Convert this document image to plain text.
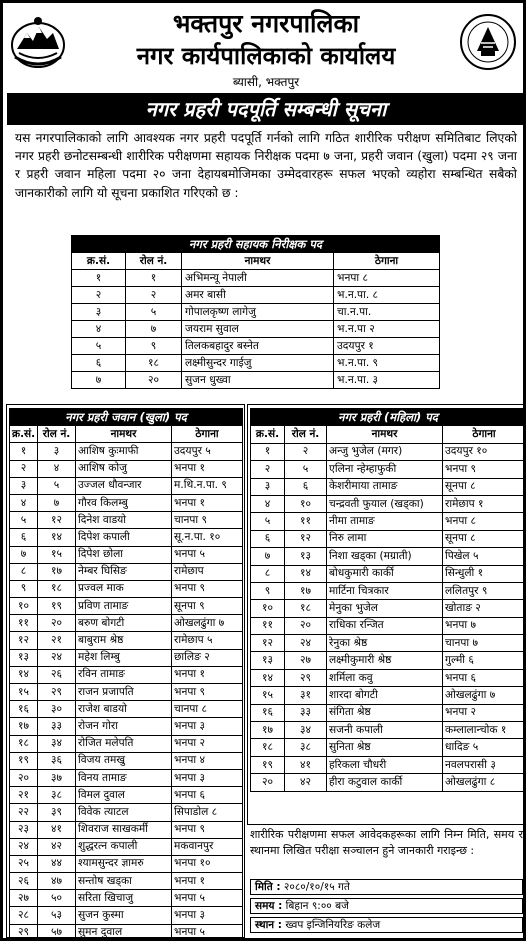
भक्तपुर नगरपालिका
नगर कार्यपालिकाको कार्यालय
ब्यासी, भक्तपुर
नगर प्रहरी पदपूर्ति सम्बन्धी सूचना

यस नगरपालिकाको लागि आवश्यक नगर प्रहरी पदपूर्ति गर्नको लागि गठित शारीरिक परीक्षण समितिबाट लिएको नगर प्रहरी छनोटसम्बन्धी शारीरिक परीक्षणमा सहायक निरीक्षक पदमा ७ जना, प्रहरी जवान (खुला) पदमा २९ जना र प्रहरी जवान महिला पदमा २० जना देहायबमोजिमका उम्मेदवारहरू सफल भएको व्यहोरा सम्बन्धित सबैको जानकारीको लागि यो सूचना प्रकाशित गरिएको छ :

नगर प्रहरी सहायक निरीक्षक पद			
क्र.सं.	रोल नं.	नामथर	ठेगाना
१	१	अभिमन्यू नेपाली	भनपा ८
२	२	अमर बासी	भ.न.पा. ८
३	५	गोपालकृष्ण लागेजु	चा.न.पा.
४	७	जयराम सुवाल	भ.न.पा २
५	९	तिलकबहादुर बस्नेत	उदयपुर १
६	१८	लक्ष्मीसुन्दर गाईजु	भ.न.पा. ९
७	२०	सुजन धुख्वा	भ.न.पा. ३
नगर प्रहरी जवान (खुला) पद			
क्र.सं.	रोल नं.	नामथर	ठेगाना
१	३	आशिष कुःमाफी	उदयपुर ५
२	४	आशिष कोजु	भनपा १
३	५	उज्जल धौवन्जार	म.थि.न.पा. ९
४	७	गौरव किलम्बु	भनपा १
५	१२	दिनेश वाडयो	चानपा ९
६	१४	दिपेश कपाली	सू.न.पा. १०
७	१५	दिपेश छोला	भनपा ५
८	१७	नेम्बर घिसिङ	रामेछाप
९	१८	प्रज्वल माक	भनपा ९
१०	१९	प्रविण तामाङ	सूनपा ९
११	२०	बरुण बोगटी	ओखलढुंगा ७
१२	२१	बाबुराम श्रेष्ठ	रामेछाप ५
१३	२४	महेश लिम्बु	छालिङ २
१४	२६	रविन तामाङ	भनपा १
१५	२९	राजन प्रजापति	भनपा ९
१६	३०	राजेश बाडयो	चानपा ८
१७	३३	रोजन गोरा	भनपा ३
१८	३४	रोजित मलेपति	भनपा २
१९	३६	विजय तमखु	भनपा ४
२०	३७	विनय तामाङ	भनपा ३
२१	३८	विमल दुवाल	भनपा ६
२२	३९	विवेक त्याटल	सिपाडोल ८
२३	४१	शिवराज साखकर्मी	भनपा ९
२४	४२	शुद्धरत्न कपाली	मकवानपुर
२५	४४	श्यामसुन्दर ज्ञामरु	भनपा १०
२६	४७	सन्तोष खड्का	भनपा १
२७	५०	सरिता खिचाजु	भनपा ५
२८	५३	सुजन कुस्मा	भनपा ३
२९	५७	सुमन दुवाल	भनपा ५
नगर प्रहरी (महिला) पद			
क्र.सं.	रोल नं.	नामथर	ठेगाना
१	२	अन्जु भुजेल (मगर)	उदयपुर १०
२	५	एलिना न्हेम्हाफुकी	भनपा ९
३	६	केशरीमाया तामाङ	सूनपा ८
४	१०	चन्द्रवती फुयाल (खड्का)	रामेछाप १
५	११	नीमा तामाङ	भनपा ८
६	१२	निरु लामा	सूनपा ८
७	१३	निशा खड्का (मग्राती)	पिखेल ५
८	१४	बोधकुमारी कार्की	सिन्धुली १
९	१७	मार्टिना चित्रकार	ललितपुर ९
१०	१८	मेनुका भुजेल	खोताङ २
११	२०	राधिका रन्जित	भनपा ७
१२	२४	रेनुका श्रेष्ठ	चानपा ७
१३	२७	लक्ष्मीकुमारी श्रेष्ठ	गुल्मी ६
१४	२९	शर्मिला कवु	भनपा ६
१५	३१	शारदा बोगटी	ओखलढुंगा ७
१६	३३	संगिता श्रेष्ठ	भनपा २
१७	३४	सजनी कपाली	कम्लालान्चोक १
१८	३८	सुनिता श्रेष्ठ	धादिङ ५
१९	४१	हरिकला चौधरी	नवलपरासी ३
२०	४२	हीरा कटुवाल कार्की	ओखलढुंगा ८

शारीरिक परीक्षणमा सफल आवेदकहरूका लागि निम्न मिति, समय र स्थानमा लिखित परीक्षा सञ्चालन हुने जानकारी गराइन्छ :

मिति : २०८०/१०/१५ गते
समय : बिहान ९:०० बजे
स्थान : ख्वप इन्जिनियरिङ कलेज
